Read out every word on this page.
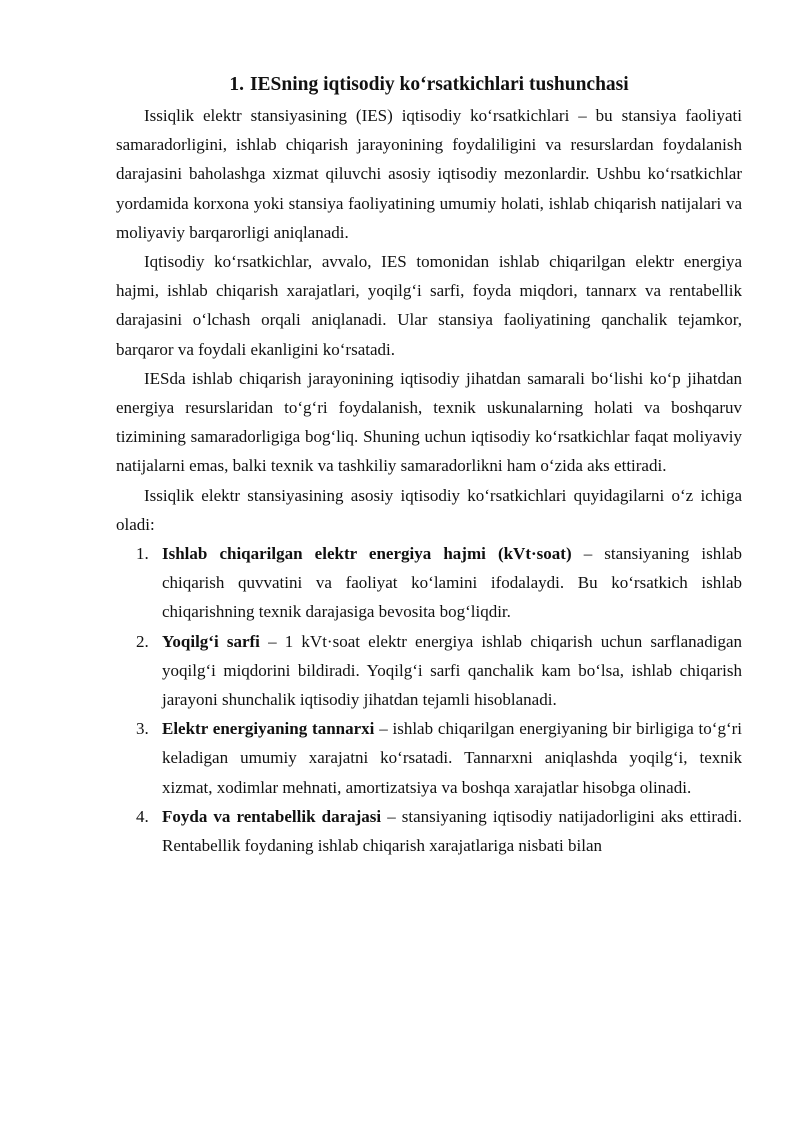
1. IESning iqtisodiy ko‘rsatkichlari tushunchasi

Issiqlik elektr stansiyasining (IES) iqtisodiy ko‘rsatkichlari – bu stansiya faoliyati samaradorligini, ishlab chiqarish jarayonining foydaliligini va resurslardan foydalanish darajasini baholashga xizmat qiluvchi asosiy iqtisodiy mezonlardir. Ushbu ko‘rsatkichlar yordamida korxona yoki stansiya faoliyatining umumiy holati, ishlab chiqarish natijalari va moliyaviy barqarorligi aniqlanadi.

Iqtisodiy ko‘rsatkichlar, avvalo, IES tomonidan ishlab chiqarilgan elektr energiya hajmi, ishlab chiqarish xarajatlari, yoqilg‘i sarfi, foyda miqdori, tannarx va rentabellik darajasini o‘lchash orqali aniqlanadi. Ular stansiya faoliyatining qanchalik tejamkor, barqaror va foydali ekanligini ko‘rsatadi.

IESda ishlab chiqarish jarayonining iqtisodiy jihatdan samarali bo‘lishi ko‘p jihatdan energiya resurslaridan to‘g‘ri foydalanish, texnik uskunalarning holati va boshqaruv tizimining samaradorligiga bog‘liq. Shuning uchun iqtisodiy ko‘rsatkichlar faqat moliyaviy natijalarni emas, balki texnik va tashkiliy samaradorlikni ham o‘zida aks ettiradi.

Issiqlik elektr stansiyasining asosiy iqtisodiy ko‘rsatkichlari quyidagilarni o‘z ichiga oladi:

1. Ishlab chiqarilgan elektr energiya hajmi (kVt·soat) – stansiyaning ishlab chiqarish quvvatini va faoliyat ko‘lamini ifodalaydi. Bu ko‘rsatkich ishlab chiqarishning texnik darajasiga bevosita bog‘liqdir.
2. Yoqilg‘i sarfi – 1 kVt·soat elektr energiya ishlab chiqarish uchun sarflanadigan yoqilg‘i miqdorini bildiradi. Yoqilg‘i sarfi qanchalik kam bo‘lsa, ishlab chiqarish jarayoni shunchalik iqtisodiy jihatdan tejamli hisoblanadi.
3. Elektr energiyaning tannarxi – ishlab chiqarilgan energiyaning bir birligiga to‘g‘ri keladigan umumiy xarajatni ko‘rsatadi. Tannarxni aniqlashda yoqilg‘i, texnik xizmat, xodimlar mehnati, amortizatsiya va boshqa xarajatlar hisobga olinadi.
4. Foyda va rentabellik darajasi – stansiyaning iqtisodiy natijadorligini aks ettiradi. Rentabellik foydaning ishlab chiqarish xarajatlariga nisbati bilan
